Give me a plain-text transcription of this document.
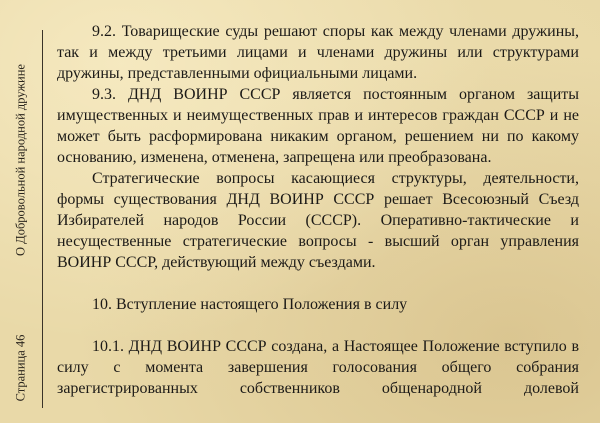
О Добровольной народной дружине
Страница 46

9.2. Товарищеские суды решают споры как между членами дружины, так и между третьими лицами и членами дружины или структурами дружины, представленными официальными лицами.

9.3. ДНД ВОИНР СССР является постоянным органом защиты имущественных и неимущественных прав и интересов граждан СССР и не может быть расформирована никаким органом, решением ни по какому основанию, изменена, отменена, запрещена или преобразована.

Стратегические вопросы касающиеся структуры, деятельности, формы существования ДНД ВОИНР СССР решает Всесоюзный Съезд Избирателей народов России (СССР). Оперативно-тактические и несущественные стратегические вопросы - высший орган управления ВОИНР СССР, действующий между съездами.

10. Вступление настоящего Положения в силу

10.1. ДНД ВОИНР СССР создана, а Настоящее Положение вступило в силу с момента завершения голосования общего собрания зарегистрированных собственников общенародной долевой
